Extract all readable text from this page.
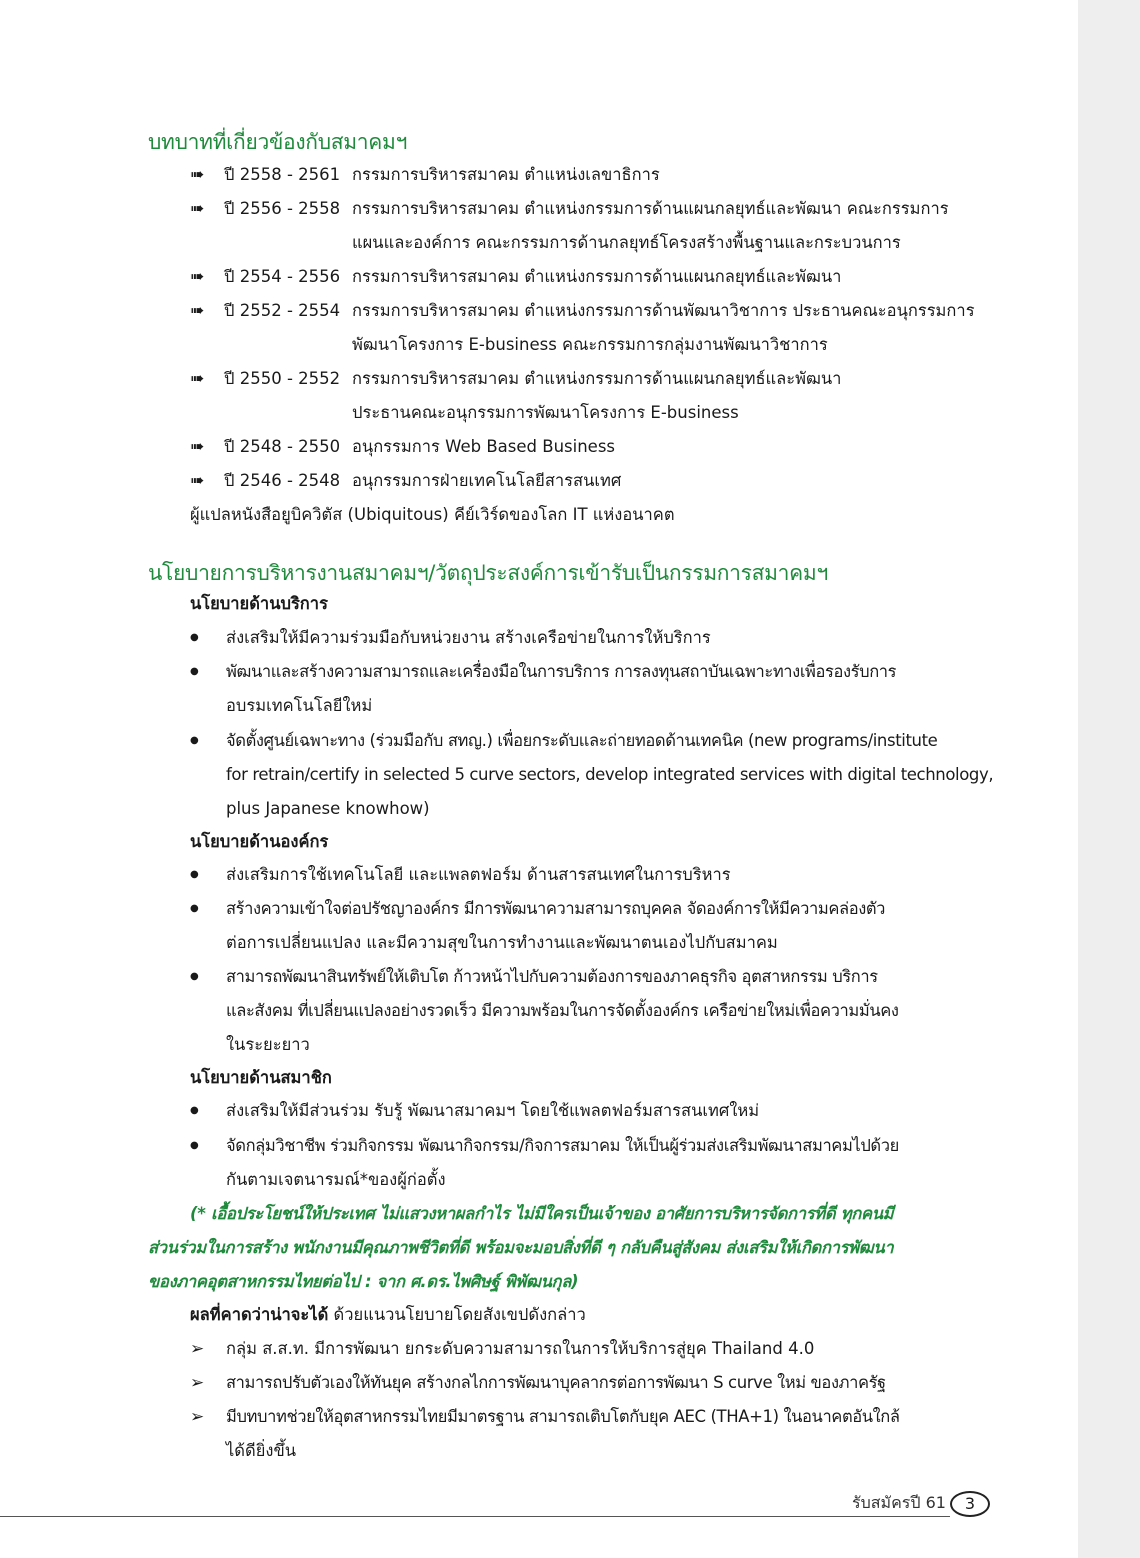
บทบาทที่เกี่ยวข้องกับสมาคมฯ
➠ ปี 2558 - 2561 กรรมการบริหารสมาคม ตำแหน่งเลขาธิการ
➠ ปี 2556 - 2558 กรรมการบริหารสมาคม ตำแหน่งกรรมการด้านแผนกลยุทธ์และพัฒนา คณะกรรมการ
แผนและองค์การ คณะกรรมการด้านกลยุทธ์โครงสร้างพื้นฐานและกระบวนการ
➠ ปี 2554 - 2556 กรรมการบริหารสมาคม ตำแหน่งกรรมการด้านแผนกลยุทธ์และพัฒนา
➠ ปี 2552 - 2554 กรรมการบริหารสมาคม ตำแหน่งกรรมการด้านพัฒนาวิชาการ ประธานคณะอนุกรรมการ
พัฒนาโครงการ E-business คณะกรรมการกลุ่มงานพัฒนาวิชาการ
➠ ปี 2550 - 2552 กรรมการบริหารสมาคม ตำแหน่งกรรมการด้านแผนกลยุทธ์และพัฒนา
ประธานคณะอนุกรรมการพัฒนาโครงการ E-business
➠ ปี 2548 - 2550 อนุกรรมการ Web Based Business
➠ ปี 2546 - 2548 อนุกรรมการฝ่ายเทคโนโลยีสารสนเทศ
ผู้แปลหนังสือยูบิควิตัส (Ubiquitous) คีย์เวิร์ดของโลก IT แห่งอนาคต
นโยบายการบริหารงานสมาคมฯ/วัตถุประสงค์การเข้ารับเป็นกรรมการสมาคมฯ
นโยบายด้านบริการ
● ส่งเสริมให้มีความร่วมมือกับหน่วยงาน สร้างเครือข่ายในการให้บริการ
● พัฒนาและสร้างความสามารถและเครื่องมือในการบริการ การลงทุนสถาบันเฉพาะทางเพื่อรองรับการ
อบรมเทคโนโลยีใหม่
● จัดตั้งศูนย์เฉพาะทาง (ร่วมมือกับ สทญ.) เพื่อยกระดับและถ่ายทอดด้านเทคนิค (new programs/institute
for retrain/certify in selected 5 curve sectors, develop integrated services with digital technology,
plus Japanese knowhow)
นโยบายด้านองค์กร
● ส่งเสริมการใช้เทคโนโลยี และแพลตฟอร์ม ด้านสารสนเทศในการบริหาร
● สร้างความเข้าใจต่อปรัชญาองค์กร มีการพัฒนาความสามารถบุคคล จัดองค์การให้มีความคล่องตัว
ต่อการเปลี่ยนแปลง และมีความสุขในการทำงานและพัฒนาตนเองไปกับสมาคม
● สามารถพัฒนาสินทรัพย์ให้เติบโต ก้าวหน้าไปกับความต้องการของภาคธุรกิจ อุตสาหกรรม บริการ
และสังคม ที่เปลี่ยนแปลงอย่างรวดเร็ว มีความพร้อมในการจัดตั้งองค์กร เครือข่ายใหม่เพื่อความมั่นคง
ในระยะยาว
นโยบายด้านสมาชิก
● ส่งเสริมให้มีส่วนร่วม รับรู้ พัฒนาสมาคมฯ โดยใช้แพลตฟอร์มสารสนเทศใหม่
● จัดกลุ่มวิชาชีพ ร่วมกิจกรรม พัฒนากิจกรรม/กิจการสมาคม ให้เป็นผู้ร่วมส่งเสริมพัฒนาสมาคมไปด้วย
กันตามเจตนารมณ์*ของผู้ก่อตั้ง
(* เอื้อประโยชน์ให้ประเทศ ไม่แสวงหาผลกำไร ไม่มีใครเป็นเจ้าของ อาศัยการบริหารจัดการที่ดี ทุกคนมี
ส่วนร่วมในการสร้าง พนักงานมีคุณภาพชีวิตที่ดี พร้อมจะมอบสิ่งที่ดี ๆ กลับคืนสู่สังคม ส่งเสริมให้เกิดการพัฒนา
ของภาคอุตสาหกรรมไทยต่อไป : จาก ศ.ดร.ไพศิษฐ์ พิพัฒนกุล)
ผลที่คาดว่าน่าจะได้ ด้วยแนวนโยบายโดยสังเขปดังกล่าว
➢ กลุ่ม ส.ส.ท. มีการพัฒนา ยกระดับความสามารถในการให้บริการสู่ยุค Thailand 4.0
➢ สามารถปรับตัวเองให้ทันยุค สร้างกลไกการพัฒนาบุคลากรต่อการพัฒนา S curve ใหม่ ของภาครัฐ
➢ มีบทบาทช่วยให้อุตสาหกรรมไทยมีมาตรฐาน สามารถเติบโตกับยุค AEC (THA+1) ในอนาคตอันใกล้
ได้ดียิ่งขึ้น
รับสมัครปี 61	3
